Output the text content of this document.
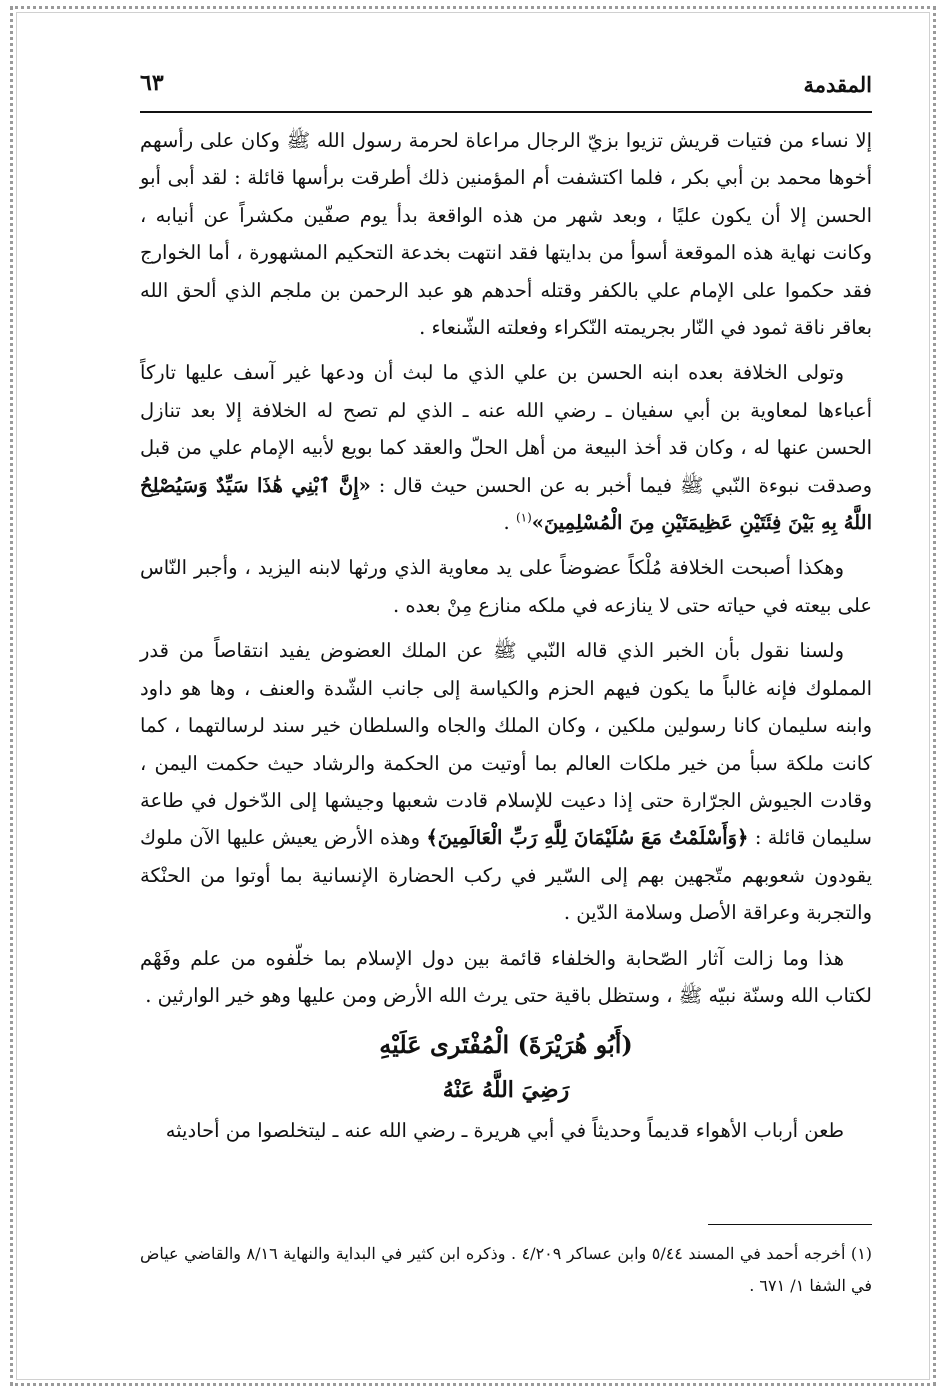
المقدمة
٦٣

إلا نساء من فتيات قريش تزيوا بزيّ الرجال مراعاة لحرمة رسول الله ﷺ وكان على رأسهم أخوها محمد بن أبي بكر ، فلما اكتشفت أم المؤمنين ذلك أطرقت برأسها قائلة : لقد أبى أبو الحسن إلا أن يكون عليًا ، وبعد شهر من هذه الواقعة بدأ يوم صفّين مكشراً عن أنيابه ، وكانت نهاية هذه الموقعة أسوأ من بدايتها فقد انتهت بخدعة التحكيم المشهورة ، أما الخوارج فقد حكموا على الإمام علي بالكفر وقتله أحدهم هو عبد الرحمن بن ملجم الذي ألحق الله بعاقر ناقة ثمود في النّار بجريمته النّكراء وفعلته الشّنعاء .

وتولى الخلافة بعده ابنه الحسن بن علي الذي ما لبث أن ودعها غير آسف عليها تاركاً أعباءها لمعاوية بن أبي سفيان ـ رضي الله عنه ـ الذي لم تصح له الخلافة إلا بعد تنازل الحسن عنها له ، وكان قد أخذ البيعة من أهل الحلّ والعقد كما بويع لأبيه الإمام علي من قبل وصدقت نبوءة النّبي ﷺ فيما أخبر به عن الحسن حيث قال : «إِنَّ ٱبْنِي هَٰذَا سَيِّدٌ وَسَيُصْلِحُ اللَّهُ بِهِ بَيْنَ فِئَتَيْنِ عَظِيمَتَيْنِ مِنَ الْمُسْلِمِينَ»$^{(١)}$ .

وهكذا أصبحت الخلافة مُلْكاً عضوضاً على يد معاوية الذي ورثها لابنه اليزيد ، وأجبر النّاس على بيعته في حياته حتى لا ينازعه في ملكه منازع مِنْ بعده .

ولسنا نقول بأن الخبر الذي قاله النّبي ﷺ عن الملك العضوض يفيد انتقاصاً من قدر المملوك فإنه غالباً ما يكون فيهم الحزم والكياسة إلى جانب الشّدة والعنف ، وها هو داود وابنه سليمان كانا رسولين ملكين ، وكان الملك والجاه والسلطان خير سند لرسالتهما ، كما كانت ملكة سبأ من خير ملكات العالم بما أوتيت من الحكمة والرشاد حيث حكمت اليمن ، وقادت الجيوش الجرّارة حتى إذا دعيت للإسلام قادت شعبها وجيشها إلى الدّخول في طاعة سليمان قائلة : ﴿وَأَسْلَمْتُ مَعَ سُلَيْمَانَ لِلَّهِ رَبِّ الْعَالَمِينَ﴾ وهذه الأرض يعيش عليها الآن ملوك يقودون شعوبهم متّجهين بهم إلى السّير في ركب الحضارة الإنسانية بما أوتوا من الحنْكة والتجربة وعراقة الأصل وسلامة الدّين .

هذا وما زالت آثار الصّحابة والخلفاء قائمة بين دول الإسلام بما خلّفوه من علم وفَهْم لكتاب الله وسنّة نبيّه ﷺ ، وستظل باقية حتى يرث الله الأرض ومن عليها وهو خير الوارثين .

(أَبُو هُرَيْرَةَ) الْمُفْتَرى عَلَيْهِ

رَضِيَ اللَّهُ عَنْهُ

طعن أرباب الأهواء قديماً وحديثاً في أبي هريرة ـ رضي الله عنه ـ ليتخلصوا من أحاديثه

(١) أخرجه أحمد في المسند ٥/٤٤ وابن عساكر ٤/٢٠٩ . وذكره ابن كثير في البداية والنهاية ٨/١٦ والقاضي عياض في الشفا ١/ ٦٧١ .
